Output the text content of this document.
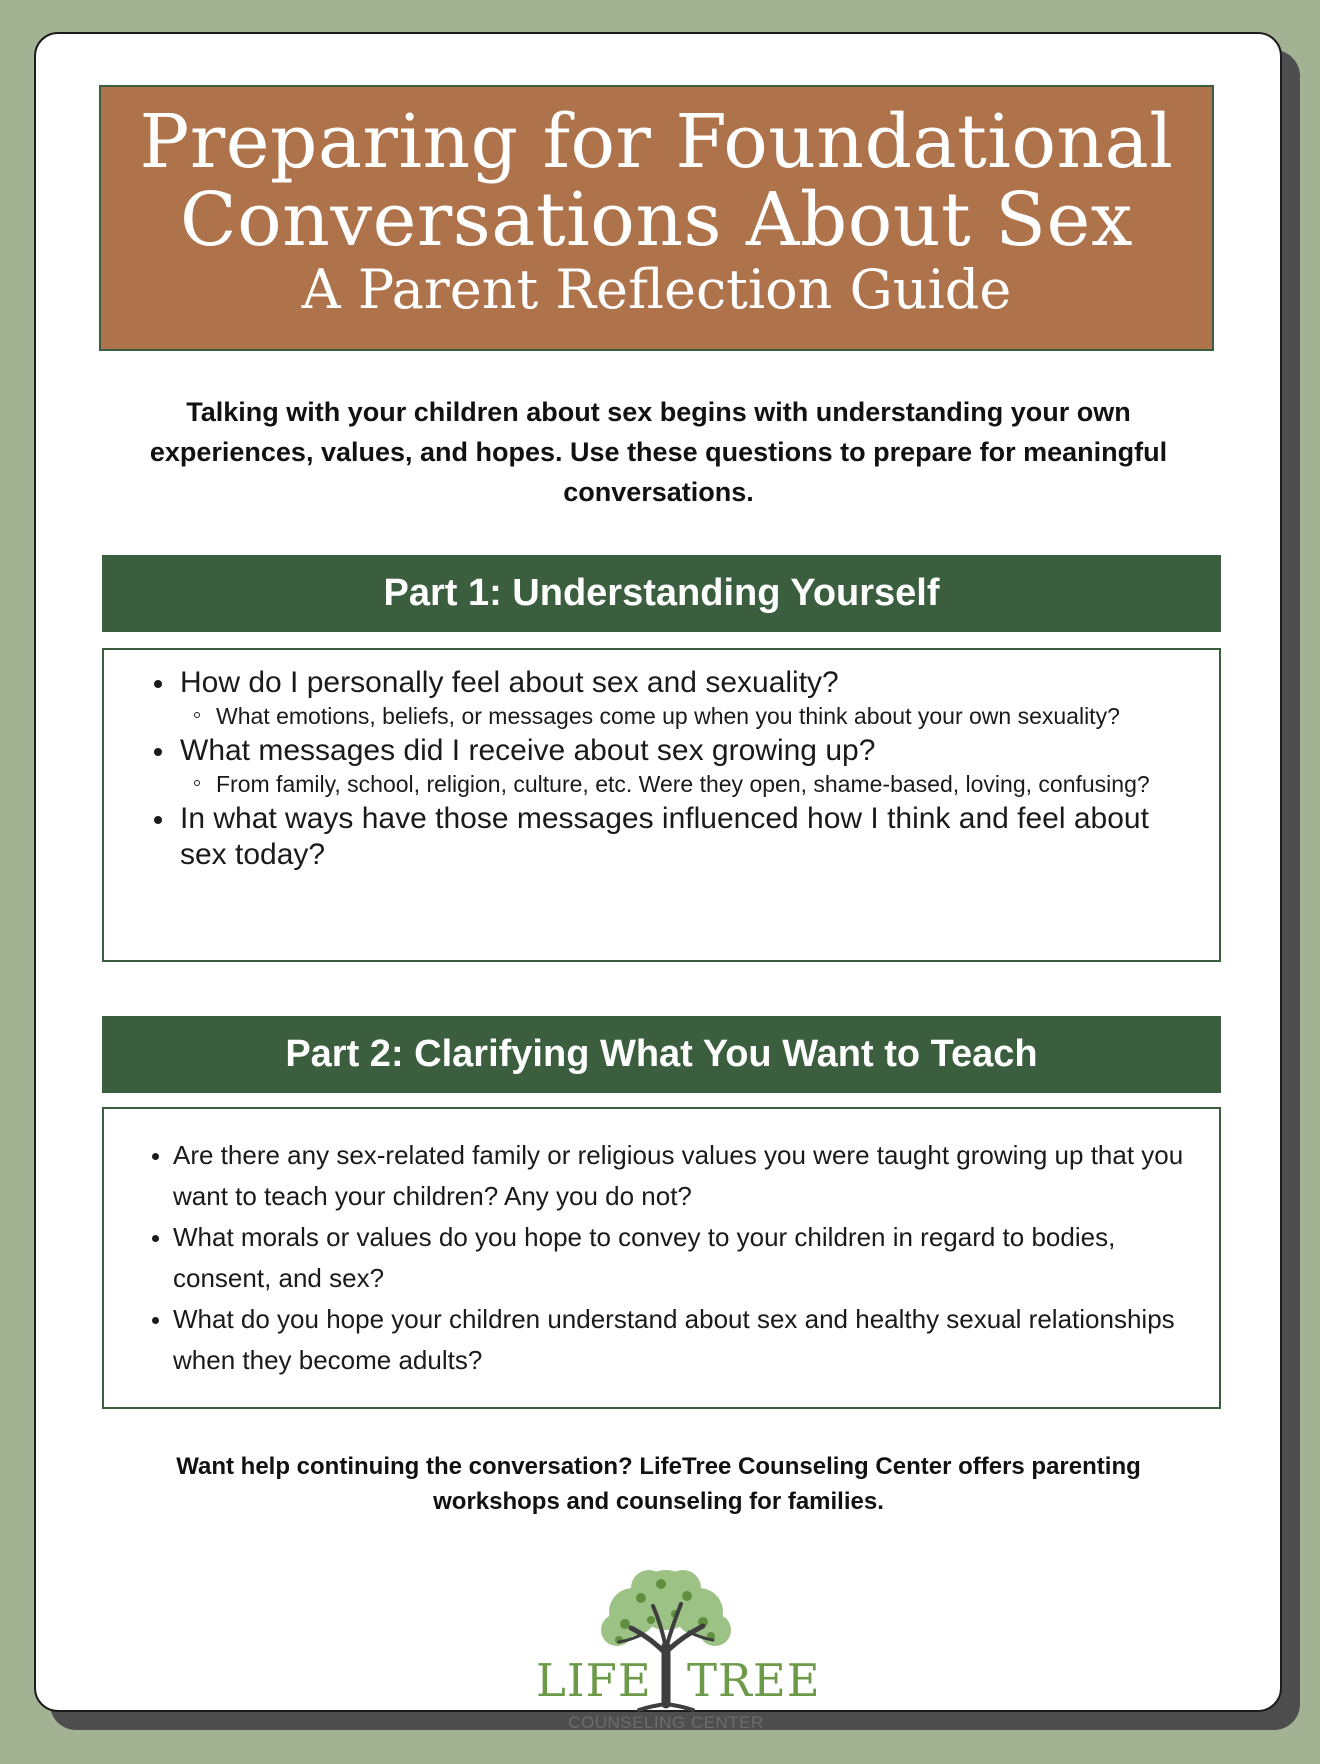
Preparing for Foundational
Conversations About Sex
A Parent Reflection Guide
Talking with your children about sex begins with understanding your own experiences, values, and hopes. Use these questions to prepare for meaningful conversations.
Part 1: Understanding Yourself
How do I personally feel about sex and sexuality?
What emotions, beliefs, or messages come up when you think about your own sexuality?
What messages did I receive about sex growing up?
From family, school, religion, culture, etc. Were they open, shame-based, loving, confusing?
In what ways have those messages influenced how I think and feel about sex today?
Part 2: Clarifying What You Want to Teach
Are there any sex-related family or religious values you were taught growing up that you want to teach your children? Any you do not?
What morals or values do you hope to convey to your children in regard to bodies, consent, and sex?
What do you hope your children understand about sex and healthy sexual relationships when they become adults?
Want help continuing the conversation? LifeTree Counseling Center offers parenting workshops and counseling for families.
LIFE TREE
COUNSELING CENTER
